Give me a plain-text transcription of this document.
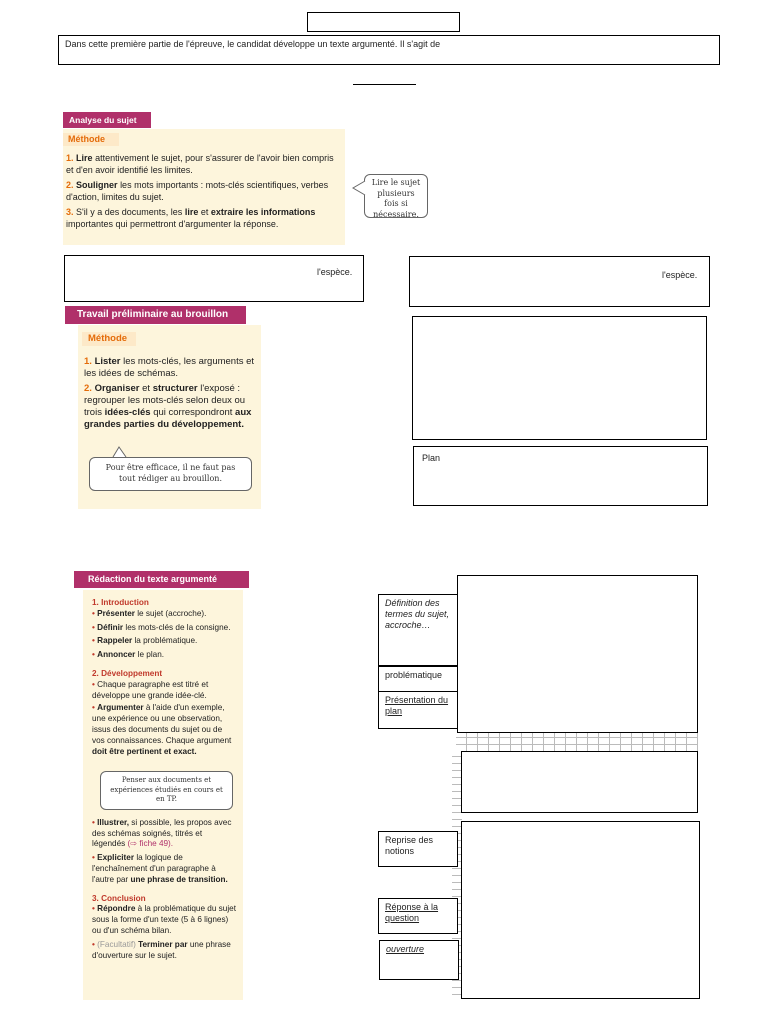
Dans cette première partie de l'épreuve, le candidat développe un texte argumenté. Il s'agit de
Analyse du sujet
Méthode

1. Lire attentivement le sujet, pour s'assurer de l'avoir bien compris et d'en avoir identifié les limites.

2. Souligner les mots importants : mots-clés scientifiques, verbes d'action, limites du sujet.

3. S'il y a des documents, les lire et extraire les informations importantes qui permettront d'argumenter la réponse.

Lire le sujet plusieurs fois si nécessaire.
l'espèce.	l'espèce.
Travail préliminaire au brouillon
Méthode

1. Lister les mots-clés, les arguments et les idées de schémas.

2. Organiser et structurer l'exposé : regrouper les mots-clés selon deux ou trois idées-clés qui correspondront aux grandes parties du développement.

Pour être efficace, il ne faut pas tout rédiger au brouillon.
Plan
Rédaction du texte argumenté

1. Introduction

• Présenter le sujet (accroche).

• Définir les mots-clés de la consigne.

• Rappeler la problématique.

• Annoncer le plan.

2. Développement

• Chaque paragraphe est titré et développe une grande idée-clé.

• Argumenter à l'aide d'un exemple, une expérience ou une observation, issus des documents du sujet ou de vos connaissances. Chaque argument doit être pertinent et exact.

Penser aux documents et expériences étudiés en cours et en TP.

• Illustrer, si possible, les propos avec des schémas soignés, titrés et légendés (⇨ fiche 49).

• Expliciter la logique de l'enchaînement d'un paragraphe à l'autre par une phrase de transition.

3. Conclusion

• Répondre à la problématique du sujet sous la forme d'un texte (5 à 6 lignes) ou d'un schéma bilan.

• (Facultatif) Terminer par une phrase d'ouverture sur le sujet.

Définition des termes du sujet, accroche…
problématique
Présentation du plan
Reprise des notions
Réponse à la question
ouverture
